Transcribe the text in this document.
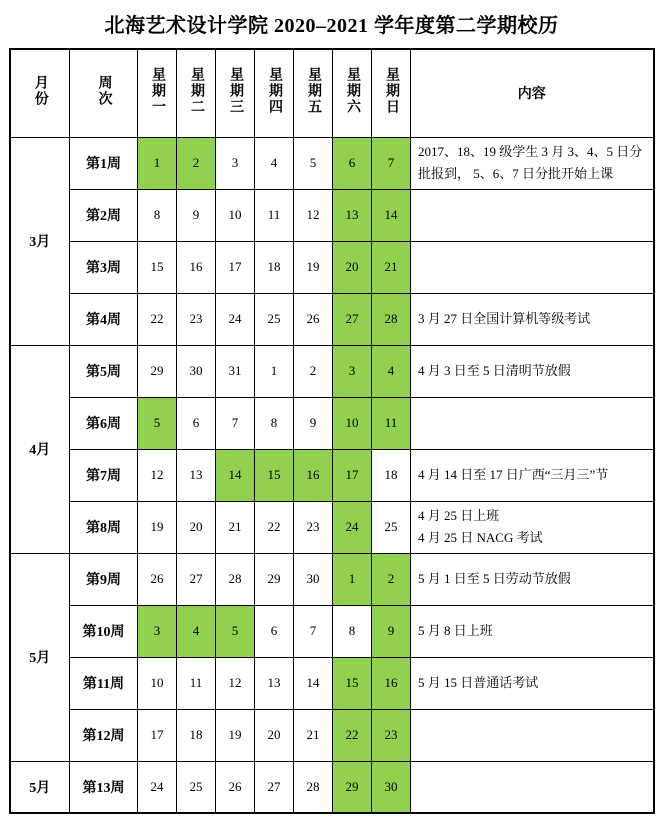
北海艺术设计学院 2020–2021 学年度第二学期校历
月份	周次	星期一	星期二	星期三	星期四	星期五	星期六	星期日	内容
3月	第1周	1	2	3	4	5	6	7	2017、18、19 级学生 3 月 3、4、5 日分批报到， 5、6、7 日分批开始上课

	第2周	8	9	10	11	12	13	14	
	第3周	15	16	17	18	19	20	21	
	第4周	22	23	24	25	26	27	28	3 月 27 日全国计算机等级考试

4月	第5周	29	30	31	1	2	3	4	4 月 3 日至 5 日清明节放假

	第6周	5	6	7	8	9	10	11	
	第7周	12	13	14	15	16	17	18	4 月 14 日至 17 日广西“三月三”节

	第8周	19	20	21	22	23	24	25	4 月 25 日上班
4 月 25 日 NACG 考试

5月	第9周	26	27	28	29	30	1	2	5 月 1 日至 5 日劳动节放假

	第10周	3	4	5	6	7	8	9	5 月 8 日上班

	第11周	10	11	12	13	14	15	16	5 月 15 日普通话考试

	第12周	17	18	19	20	21	22	23	
5月	第13周	24	25	26	27	28	29	30	
